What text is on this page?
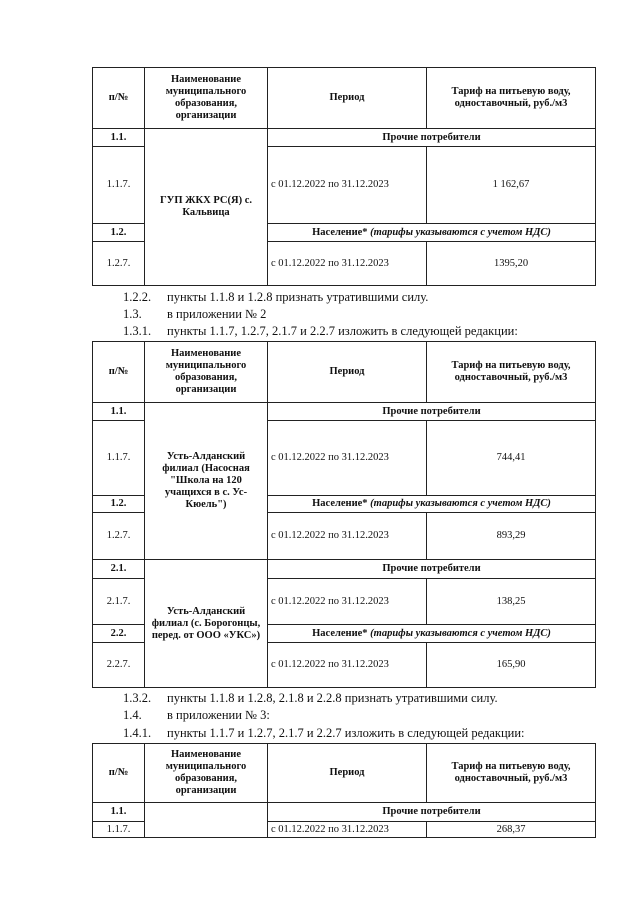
п/№	Наименование муниципального образования, организации	Период	Тариф на питьевую воду, одноставочный, руб./м3
1.1.	ГУП ЖКХ РС(Я) с. Кальвица	Прочие потребители	
1.1.7.		с 01.12.2022 по 31.12.2023	1 162,67
1.2.		Население* (тарифы указываются с учетом НДС)	
1.2.7.		с 01.12.2022 по 31.12.2023	1395,20
1.2.2. пункты 1.1.8 и 1.2.8 признать утратившими силу.
1.3. в приложении № 2
1.3.1. пункты 1.1.7, 1.2.7, 2.1.7 и 2.2.7 изложить в следующей редакции:
п/№	Наименование муниципального образования, организации	Период	Тариф на питьевую воду, одноставочный, руб./м3
1.1.	Усть-Алданский филиал (Насосная "Школа на 120 учащихся в с. Ус-Кюель")	Прочие потребители	
1.1.7.		с 01.12.2022 по 31.12.2023	744,41
1.2.		Население* (тарифы указываются с учетом НДС)	
1.2.7.		с 01.12.2022 по 31.12.2023	893,29
2.1.	Усть-Алданский филиал (с. Борогонцы, перед. от ООО «УКС»)	Прочие потребители	
2.1.7.		с 01.12.2022 по 31.12.2023	138,25
2.2.		Население* (тарифы указываются с учетом НДС)	
2.2.7.		с 01.12.2022 по 31.12.2023	165,90
1.3.2. пункты 1.1.8 и 1.2.8, 2.1.8 и 2.2.8 признать утратившими силу.
1.4. в приложении № 3:
1.4.1. пункты 1.1.7 и 1.2.7, 2.1.7 и 2.2.7 изложить в следующей редакции:
п/№	Наименование муниципального образования, организации	Период	Тариф на питьевую воду, одноставочный, руб./м3
1.1.		Прочие потребители	
1.1.7.		с 01.12.2022 по 31.12.2023	268,37
